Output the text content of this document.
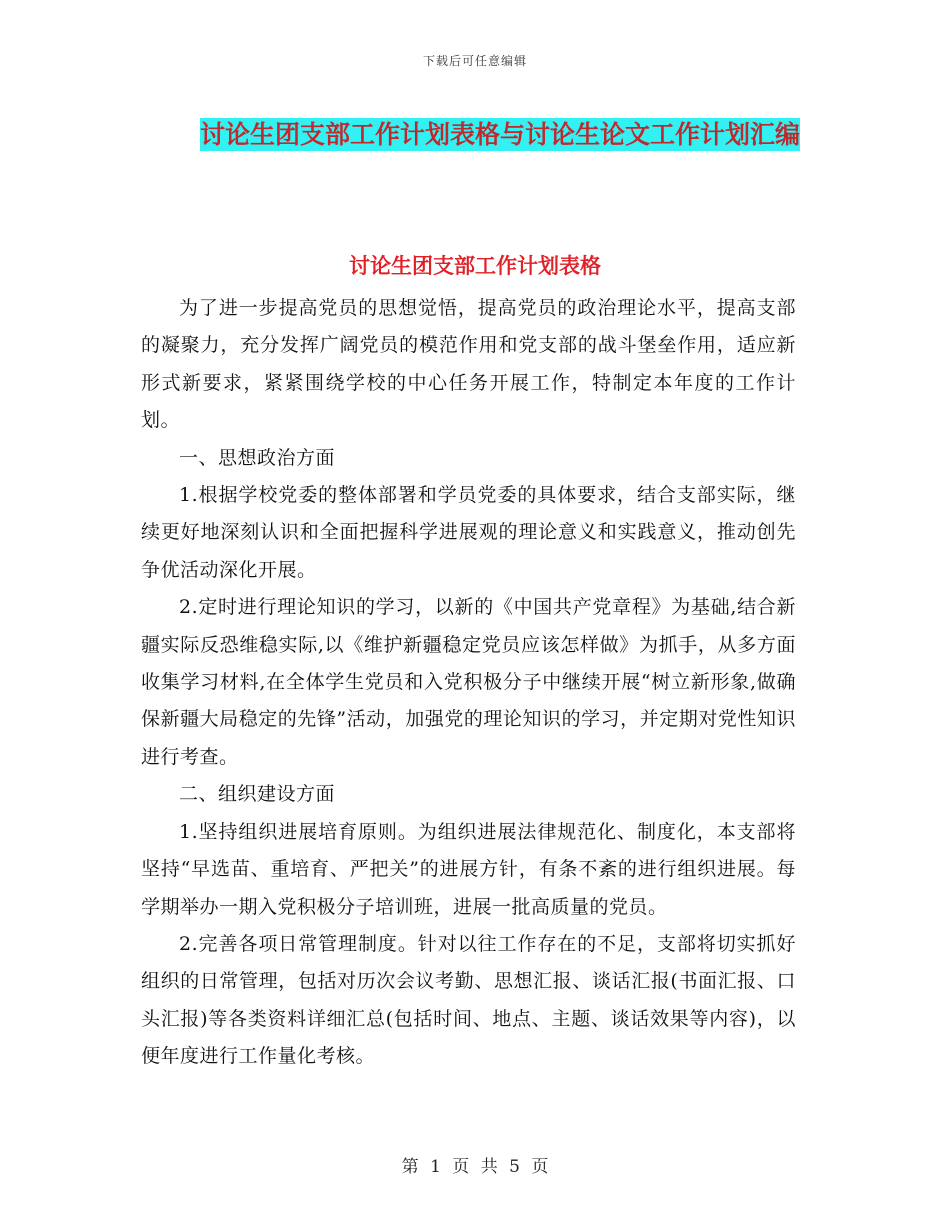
下载后可任意编辑
讨论生团支部工作计划表格与讨论生论文工作计划汇编
讨论生团支部工作计划表格

为了进一步提高党员的思想觉悟，提高党员的政治理论水平，提高支部的凝聚力，充分发挥广阔党员的模范作用和党支部的战斗堡垒作用，适应新形式新要求，紧紧围绕学校的中心任务开展工作，特制定本年度的工作计划。

一、思想政治方面

1.根据学校党委的整体部署和学员党委的具体要求，结合支部实际，继续更好地深刻认识和全面把握科学进展观的理论意义和实践意义，推动创先争优活动深化开展。

2.定时进行理论知识的学习，以新的《中国共产党章程》为基础,结合新疆实际反恐维稳实际,以《维护新疆稳定党员应该怎样做》为抓手，从多方面收集学习材料,在全体学生党员和入党积极分子中继续开展“树立新形象,做确保新疆大局稳定的先锋”活动，加强党的理论知识的学习，并定期对党性知识进行考查。

二、组织建设方面

1.坚持组织进展培育原则。为组织进展法律规范化、制度化，本支部将坚持“早选苗、重培育、严把关”的进展方针，有条不紊的进行组织进展。每学期举办一期入党积极分子培训班，进展一批高质量的党员。

2.完善各项日常管理制度。针对以往工作存在的不足，支部将切实抓好组织的日常管理，包括对历次会议考勤、思想汇报、谈话汇报(书面汇报、口头汇报)等各类资料详细汇总(包括时间、地点、主题、谈话效果等内容)，以便年度进行工作量化考核。

第 1 页 共 5 页
